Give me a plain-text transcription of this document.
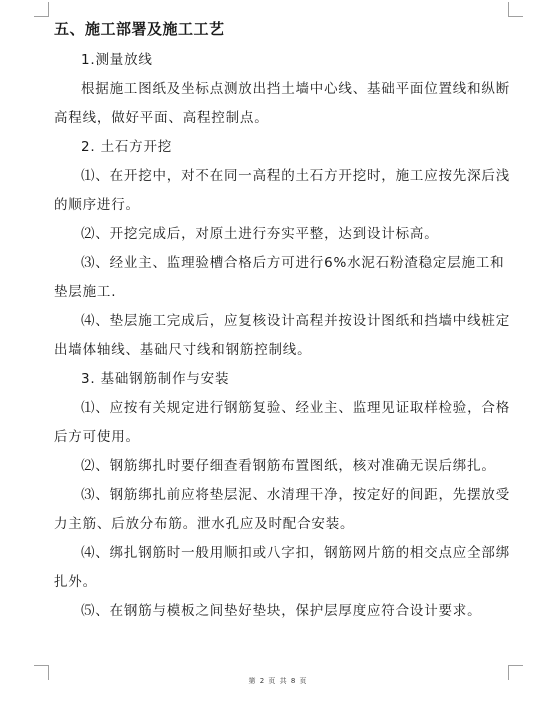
五、施工部署及施工工艺

1.测量放线

根据施工图纸及坐标点测放出挡土墙中心线、基础平面位置线和纵断高程线，做好平面、高程控制点。

2. 土石方开挖

⑴、在开挖中，对不在同一高程的土石方开挖时，施工应按先深后浅的顺序进行。

⑵、开挖完成后，对原土进行夯实平整，达到设计标高。

⑶、经业主、监理验槽合格后方可进行6%水泥石粉渣稳定层施工和垫层施工.

⑷、垫层施工完成后，应复核设计高程并按设计图纸和挡墙中线桩定出墙体轴线、基础尺寸线和钢筋控制线。

3. 基础钢筋制作与安装

⑴、应按有关规定进行钢筋复验、经业主、监理见证取样检验，合格后方可使用。

⑵、钢筋绑扎时要仔细查看钢筋布置图纸，核对准确无误后绑扎。

⑶、钢筋绑扎前应将垫层泥、水清理干净，按定好的间距，先摆放受力主筋、后放分布筋。泄水孔应及时配合安装。

⑷、绑扎钢筋时一般用顺扣或八字扣，钢筋网片筋的相交点应全部绑扎外。

⑸、在钢筋与模板之间垫好垫块，保护层厚度应符合设计要求。

第 2 页 共 8 页
